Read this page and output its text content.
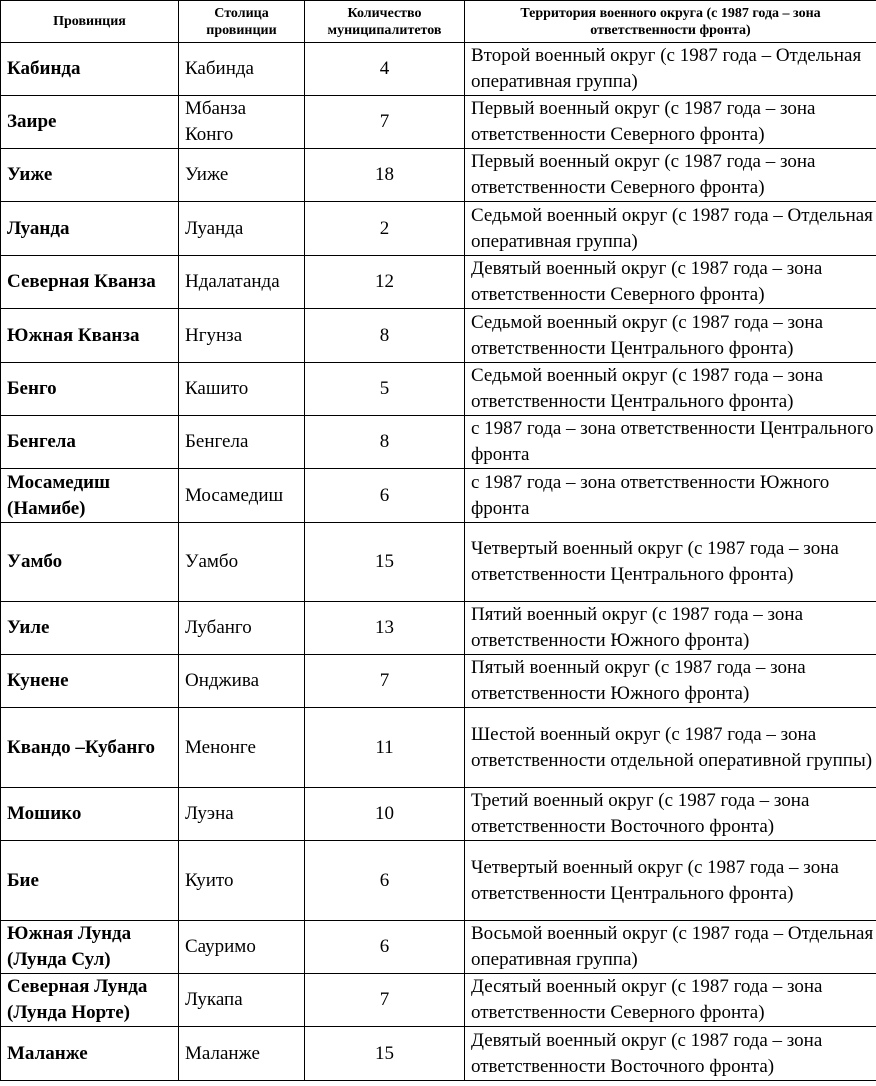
Провинция	Столица провинции	Количество муниципалитетов	Территория военного округа (с 1987 года – зона ответственности фронта)
Кабинда	Кабинда	4	Второй военный округ (с 1987 года – Отдельная оперативная группа)
Заире	Мбанза Конго	7	Первый военный округ (с 1987 года – зона ответственности Северного фронта)
Уиже	Уиже	18	Первый военный округ (с 1987 года – зона ответственности Северного фронта)
Луанда	Луанда	2	Седьмой военный округ (с 1987 года – Отдельная оперативная группа)
Северная Кванза	Ндалатанда	12	Девятый военный округ (с 1987 года – зона ответственности Северного фронта)
Южная Кванза	Нгунза	8	Седьмой военный округ (с 1987 года – зона ответственности Центрального фронта)
Бенго	Кашито	5	Седьмой военный округ (с 1987 года – зона ответственности Центрального фронта)
Бенгела	Бенгела	8	с 1987 года – зона ответственности Центрального фронта
Мосамедиш (Намибе)	Мосамедиш	6	с 1987 года – зона ответственности Южного фронта
Уамбо	Уамбо	15	Четвертый военный округ (с 1987 года – зона ответственности Центрального фронта)
Уиле	Лубанго	13	Пятий военный округ (с 1987 года – зона ответственности Южного фронта)
Кунене	Онджива	7	Пятый военный округ (с 1987 года – зона ответственности Южного фронта)
Квандо –Кубанго	Менонге	11	Шестой военный округ (с 1987 года – зона ответственности отдельной оперативной группы)
Мошико	Луэна	10	Третий военный округ (с 1987 года – зона ответственности Восточного фронта)
Бие	Куито	6	Четвертый военный округ (с 1987 года – зона ответственности Центрального фронта)
Южная Лунда (Лунда Сул)	Сауримо	6	Восьмой военный округ (с 1987 года – Отдельная оперативная группа)
Северная Лунда (Лунда Норте)	Лукапа	7	Десятый военный округ (с 1987 года – зона ответственности Северного фронта)
Маланже	Маланже	15	Девятый военный округ (с 1987 года – зона ответственности Восточного фронта)
